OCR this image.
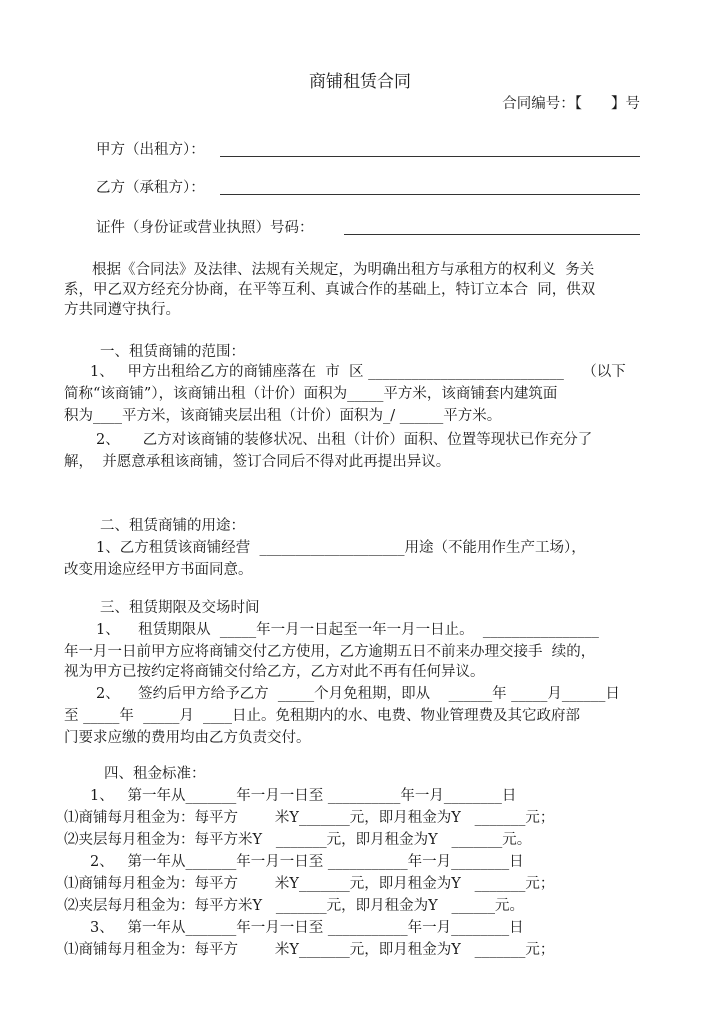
商铺租赁合同
合同编号：【　　】号
甲方（出租方）：
乙方（承租方）：
证件（身份证或营业执照）号码：
根据《合同法》及法律、法规有关规定，为明确出租方与承租方的权利义  务关
系，甲乙双方经充分协商，在平等互利、真诚合作的基础上，特订立本合  同，供双
方共同遵守执行。
一、租赁商铺的范围：
1、   甲方出租给乙方的商铺座落在  市  区 ___________________________    （以下
简称“该商铺”），该商铺出租（计价）面积为_____平方米，该商铺套内建筑面
积为____平方米，该商铺夹层出租（计价）面积为_/ ______平方米。
2、     乙方对该商铺的装修状况、出租（计价）面积、位置等现状已作充分了
解，  并愿意承租该商铺，签订合同后不得对此再提出异议。
二、租赁商铺的用途：
1、乙方租赁该商铺经营  ____________________用途（不能用作生产工场），
改变用途应经甲方书面同意。
三、租赁期限及交场时间
1、    租赁期限从  _____年一月一日起至一年一月一日止。  ________________
年一月一日前甲方应将商铺交付乙方使用，乙方逾期五日不前来办理交接手  续的，
视为甲方已按约定将商铺交付给乙方，乙方对此不再有任何异议。
2、    签约后甲方给予乙方  _____个月免租期，即从    ______年 _____月______日
至 _____年  _____月  ____日止。免租期内的水、电费、物业管理费及其它政府部
门要求应缴的费用均由乙方负责交付。
四、租金标准：
1、   第一年从_______年一月一日至 __________年一月________日
⑴商铺每月租金为：每平方        米Y_______元，即月租金为Y   _______元；
⑵夹层每月租金为：每平方米Y   _______元，即月租金为Y   _______元。
2、   第一年从_______年一月一日至 ___________年一月________日
⑴商铺每月租金为：每平方        米Y_______元，即月租金为Y   _______元；
⑵夹层每月租金为：每平方米Y   _______元，即月租金为Y   ______元。
3、   第一年从_______年一月一日至 ___________年一月________日
⑴商铺每月租金为：每平方        米Y_______元，即月租金为Y   _______元；
